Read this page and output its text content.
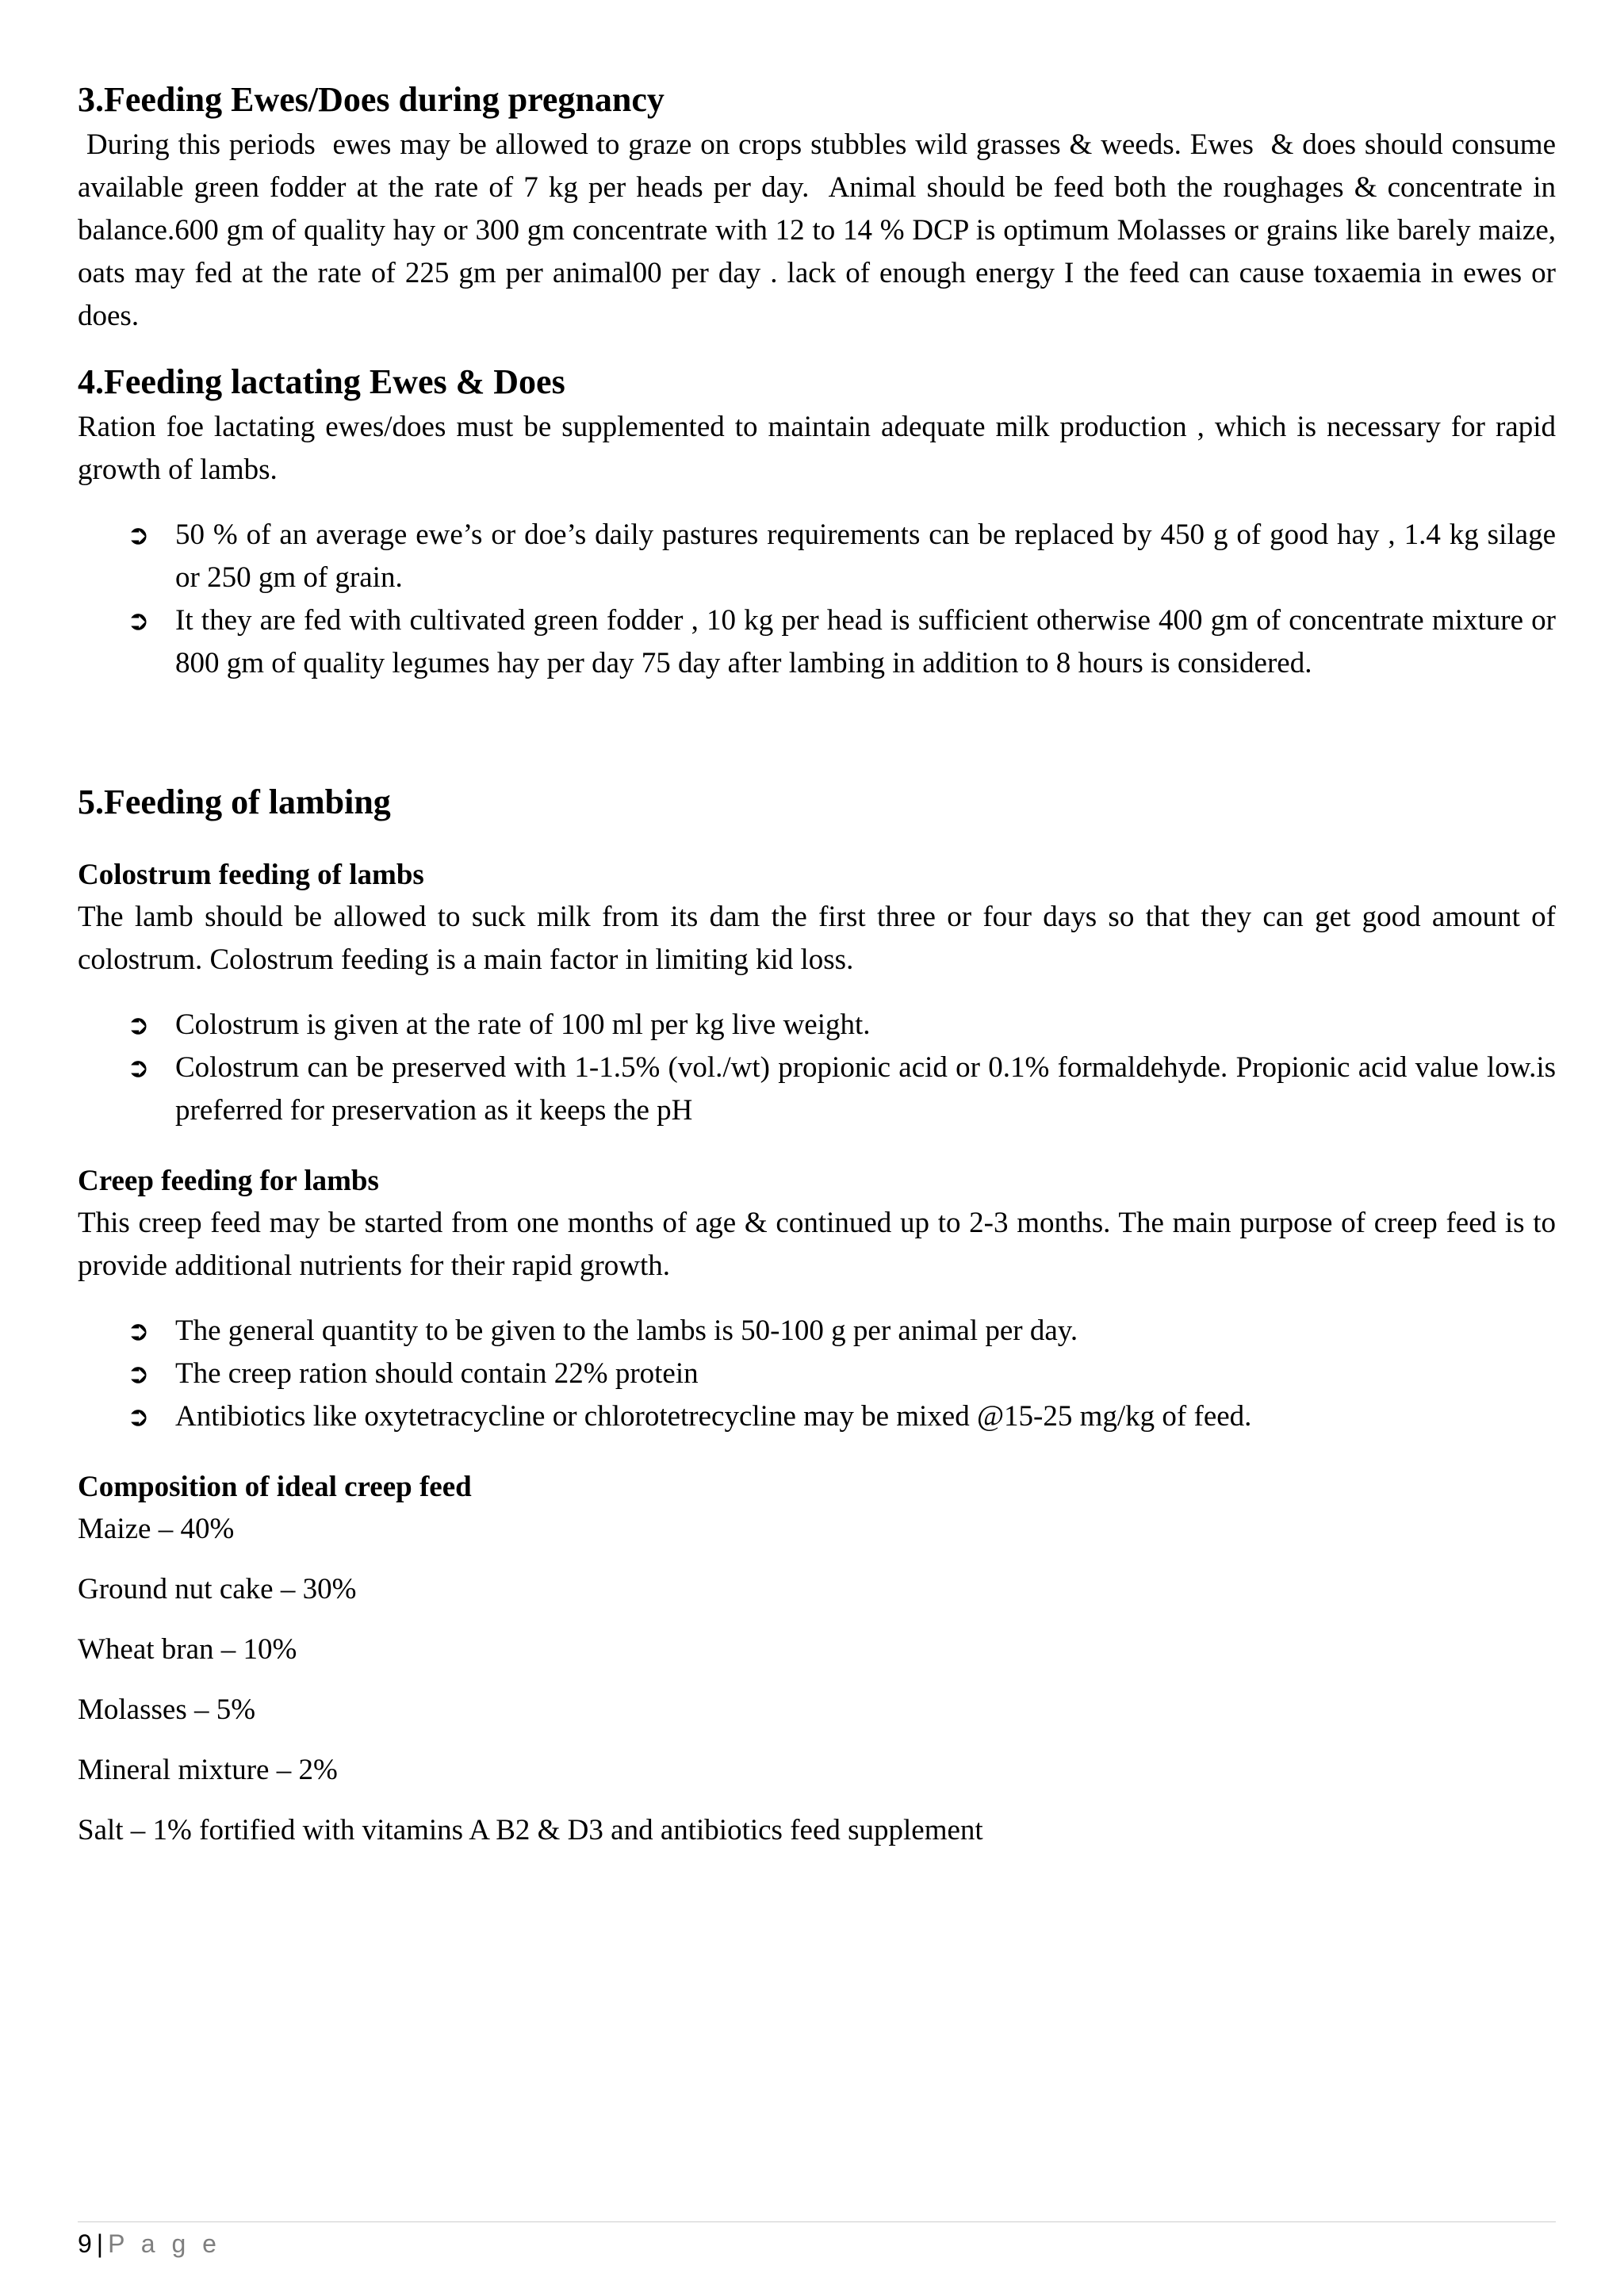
3.Feeding Ewes/Does during pregnancy

During this periods  ewes may be allowed to graze on crops stubbles wild grasses & weeds. Ewes  & does should consume available green fodder at the rate of 7 kg per heads per day.  Animal should be feed both the roughages & concentrate in balance.600 gm of quality hay or 300 gm concentrate with 12 to 14 % DCP is optimum Molasses or grains like barely maize, oats may fed at the rate of 225 gm per animal00 per day . lack of enough energy I the feed can cause toxaemia in ewes or does.

4.Feeding lactating Ewes & Does

Ration foe lactating ewes/does must be supplemented to maintain adequate milk production , which is necessary for rapid growth of lambs.

➲ 50 % of an average ewe’s or doe’s daily pastures requirements can be replaced by 450 g of good hay , 1.4 kg silage or 250 gm of grain.
➲ It they are fed with cultivated green fodder , 10 kg per head is sufficient otherwise 400 gm of concentrate mixture or 800 gm of quality legumes hay per day 75 day after lambing in addition to 8 hours is considered.
5.Feeding of lambing
Colostrum feeding of lambs

The lamb should be allowed to suck milk from its dam the first three or four days so that they can get good amount of colostrum. Colostrum feeding is a main factor in limiting kid loss.

➲ Colostrum is given at the rate of 100 ml per kg live weight.
➲ Colostrum can be preserved with 1-1.5% (vol./wt) propionic acid or 0.1% formaldehyde. Propionic acid value low.is preferred for preservation as it keeps the pH
Creep feeding for lambs

This creep feed may be started from one months of age & continued up to 2-3 months. The main purpose of creep feed is to provide additional nutrients for their rapid growth.

➲ The general quantity to be given to the lambs is 50-100 g per animal per day.
➲ The creep ration should contain 22% protein
➲ Antibiotics like oxytetracycline or chlorotetrecycline may be mixed @15-25 mg/kg of feed.
Composition of ideal creep feed

Maize – 40%

Ground nut cake – 30%

Wheat bran – 10%

Molasses – 5%

Mineral mixture – 2%

Salt – 1% fortified with vitamins A B2 & D3 and antibiotics feed supplement

9 | P a g e
